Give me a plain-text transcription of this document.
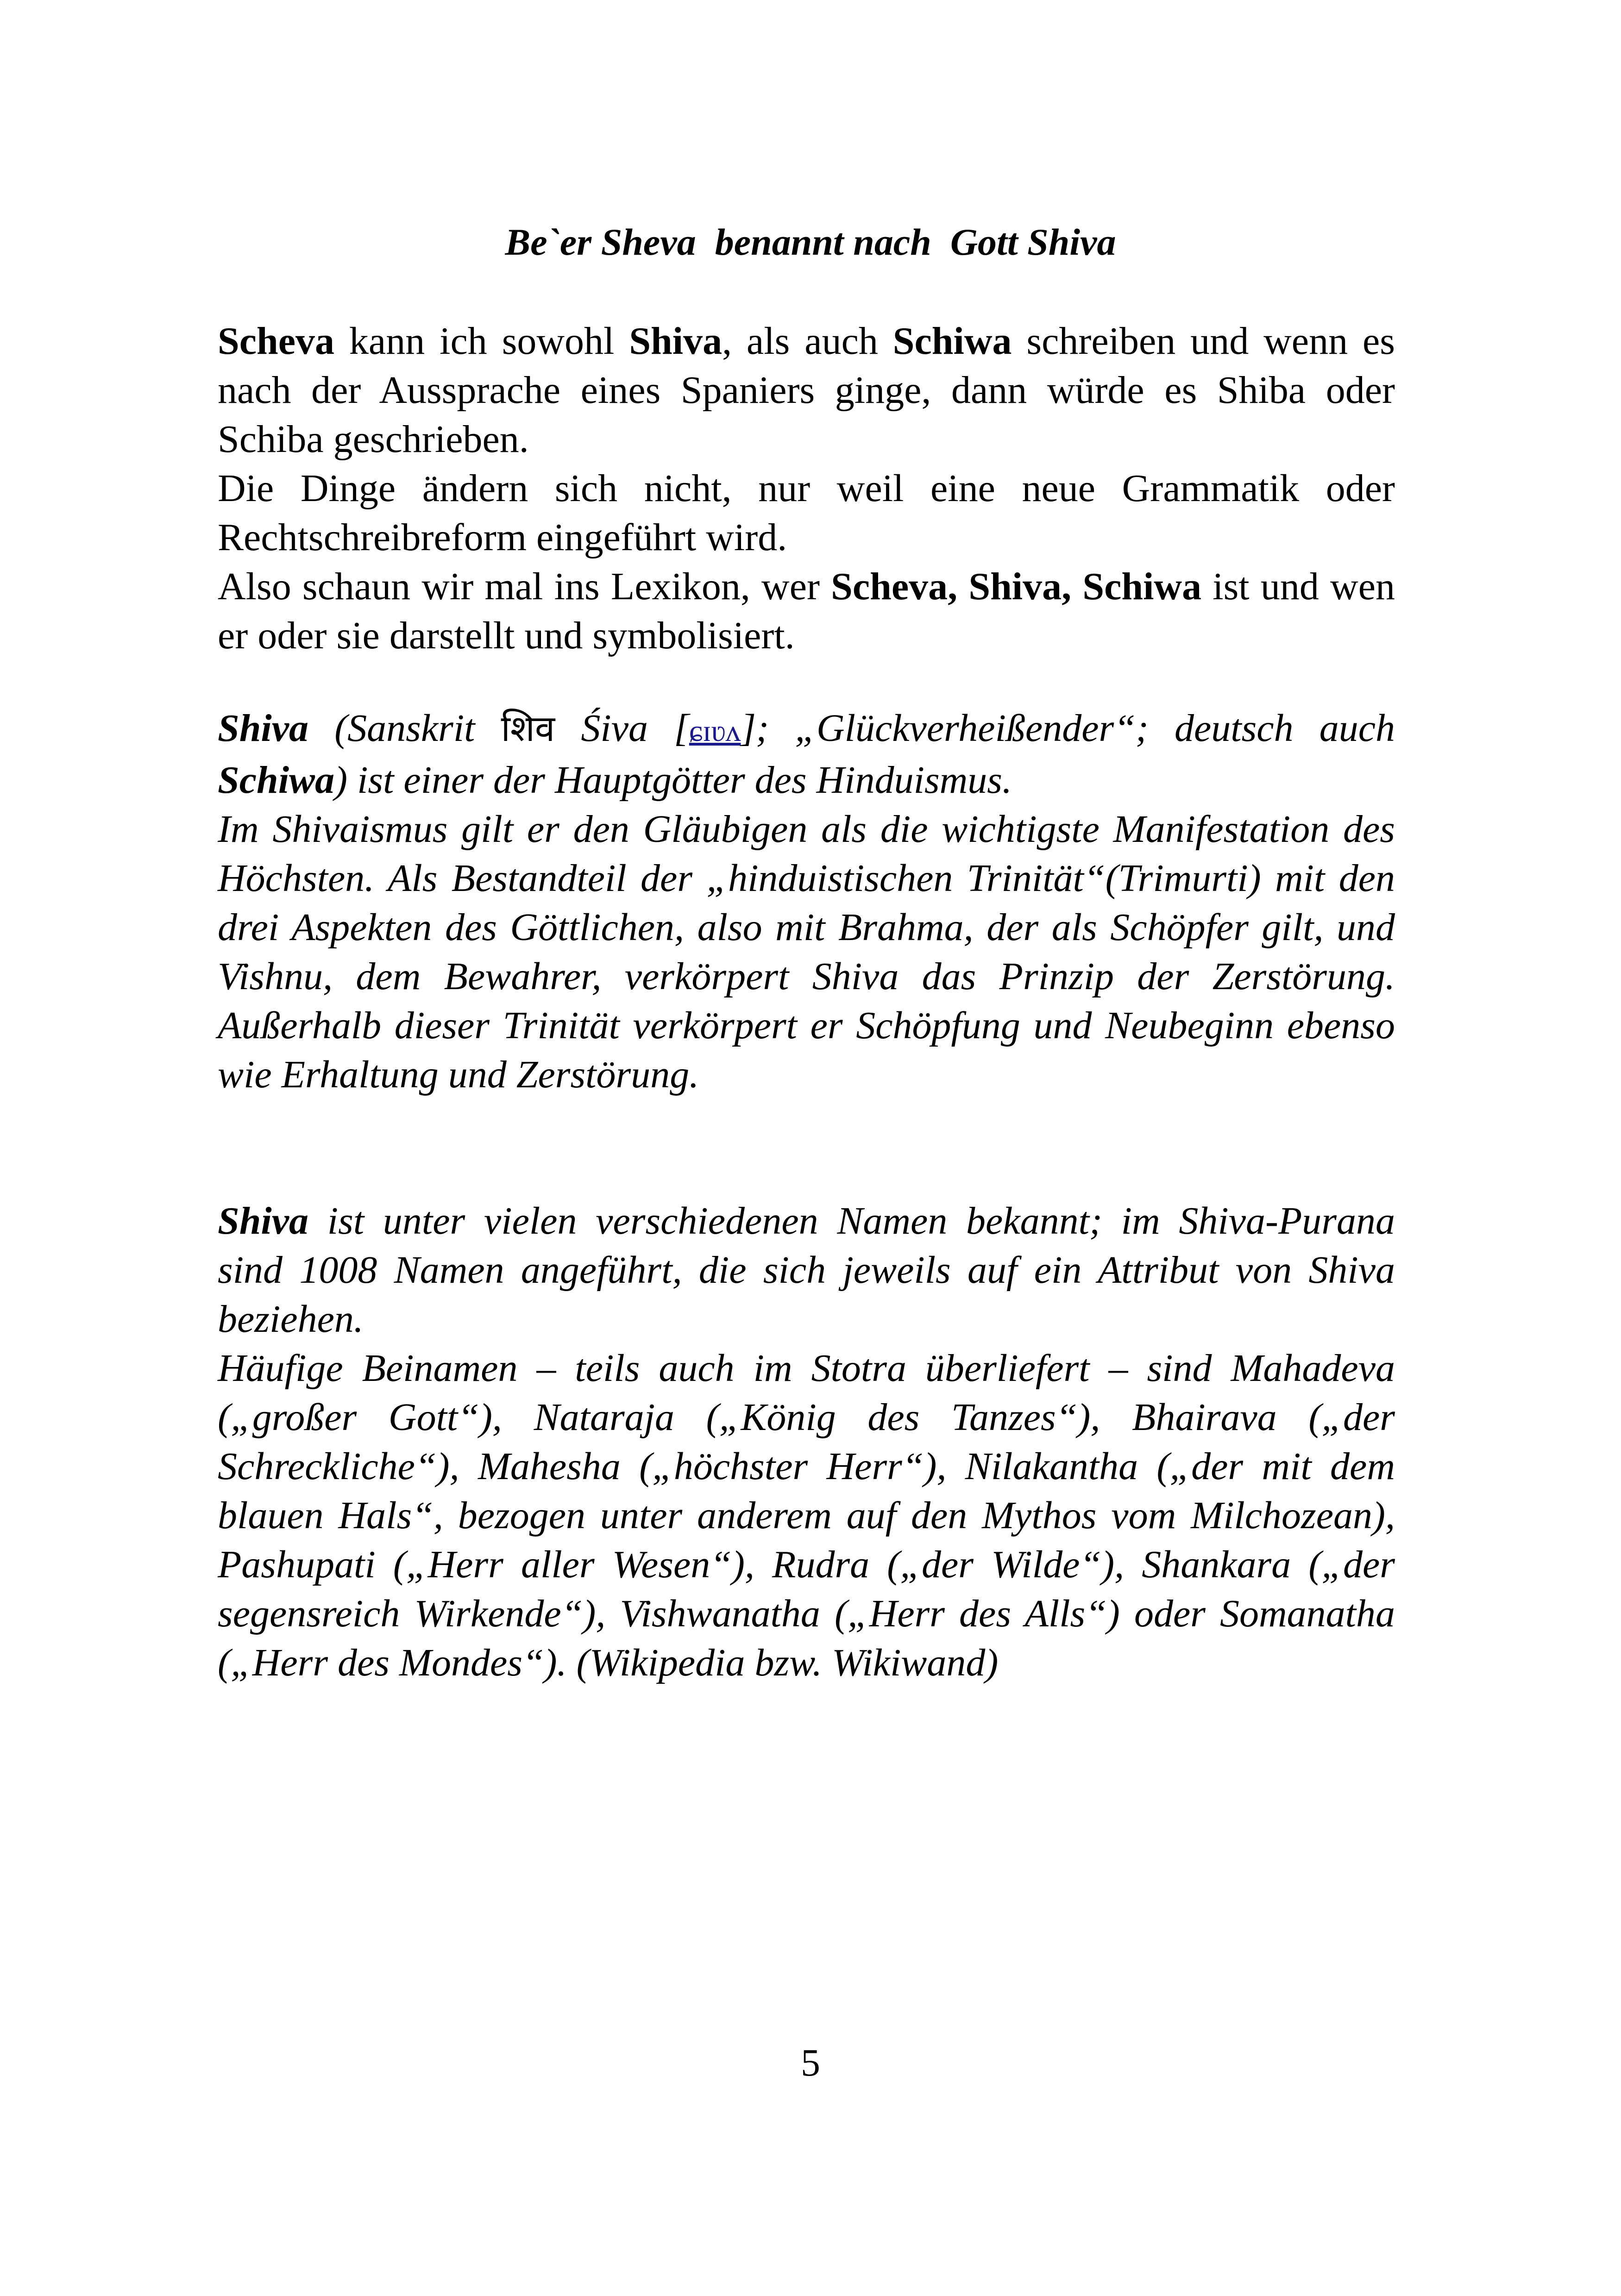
Be`er Sheva  benannt nach  Gott Shiva

Scheva kann ich sowohl Shiva, als auch Schiwa schreiben und wenn es nach der Aussprache eines Spaniers ginge, dann würde es Shiba oder Schiba geschrieben.

Die Dinge ändern sich nicht, nur weil eine neue Grammatik oder Rechtschreibreform eingeführt wird.

Also schaun wir mal ins Lexikon, wer Scheva, Shiva, Schiwa ist und wen er oder sie darstellt und symbolisiert.

Shiva (Sanskrit शिव Śiva [ɕɪʋʌ]; „Glückverheißender“; deutsch auch Schiwa) ist einer der Hauptgötter des Hinduismus.

Im Shivaismus gilt er den Gläubigen als die wichtigste Manifestation des Höchsten. Als Bestandteil der „hinduistischen Trinität“(Trimurti) mit den drei Aspekten des Göttlichen, also mit Brahma, der als Schöpfer gilt, und Vishnu, dem Bewahrer, verkörpert Shiva das Prinzip der Zerstörung. Außerhalb dieser Trinität verkörpert er Schöpfung und Neubeginn ebenso wie Erhaltung und Zerstörung.

Shiva ist unter vielen verschiedenen Namen bekannt; im Shiva-Purana sind 1008 Namen angeführt, die sich jeweils auf ein Attribut von Shiva beziehen.

Häufige Beinamen – teils auch im Stotra überliefert – sind Mahadeva („großer Gott“), Nataraja („König des Tanzes“), Bhairava („der Schreckliche“), Mahesha („höchster Herr“), Nilakantha („der mit dem blauen Hals“, bezogen unter anderem auf den Mythos vom Milchozean), Pashupati („Herr aller Wesen“), Rudra („der Wilde“), Shankara („der segensreich Wirkende“), Vishwanatha („Herr des Alls“) oder Somanatha („Herr des Mondes“). (Wikipedia bzw. Wikiwand)

5
